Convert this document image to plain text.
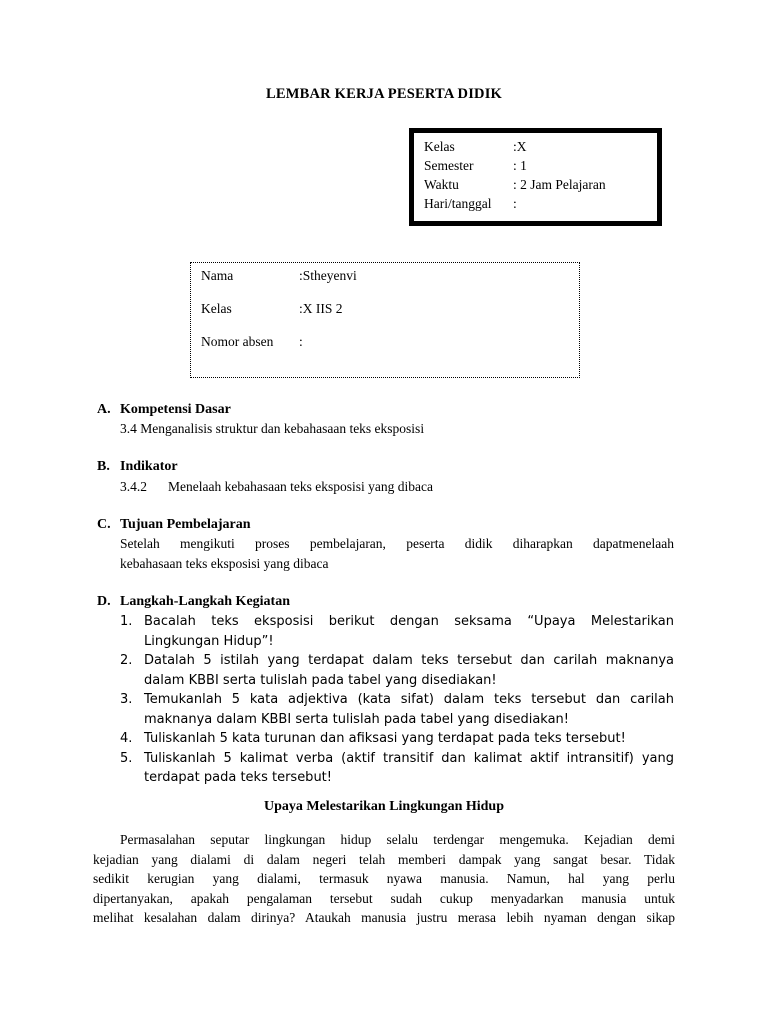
LEMBAR KERJA PESERTA DIDIK
Kelas	:X
Semester	: 1
Waktu	: 2 Jam Pelajaran
Hari/tanggal :
Nama	:Stheyenvi
Kelas	:X IIS 2
Nomor absen :
A. Kompetensi Dasar
3.4 Menganalisis struktur dan kebahasaan teks eksposisi
B. Indikator
3.4.2 Menelaah kebahasaan teks eksposisi yang dibaca
C. Tujuan Pembelajaran
Setelah mengikuti proses pembelajaran, peserta didik diharapkan dapatmenelaah
kebahasaan teks eksposisi yang dibaca
D. Langkah-Langkah Kegiatan
1. Bacalah teks eksposisi berikut dengan seksama “Upaya Melestarikan Lingkungan Hidup”!
2. Datalah 5 istilah yang terdapat dalam teks tersebut dan carilah maknanya dalam KBBI serta tulislah pada tabel yang disediakan!
3. Temukanlah 5 kata adjektiva (kata sifat) dalam teks tersebut dan carilah maknanya dalam KBBI serta tulislah pada tabel yang disediakan!
4. Tuliskanlah 5 kata turunan dan afiksasi yang terdapat pada teks tersebut!
5. Tuliskanlah 5 kalimat verba (aktif transitif dan kalimat aktif intransitif) yang terdapat pada teks tersebut!
Upaya Melestarikan Lingkungan Hidup
Permasalahan seputar lingkungan hidup selalu terdengar mengemuka. Kejadian demi
kejadian yang dialami di dalam negeri telah memberi dampak yang sangat besar. Tidak
sedikit kerugian yang dialami, termasuk nyawa manusia. Namun, hal yang perlu
dipertanyakan, apakah pengalaman tersebut sudah cukup menyadarkan manusia untuk
melihat kesalahan dalam dirinya? Ataukah manusia justru merasa lebih nyaman dengan sikap
